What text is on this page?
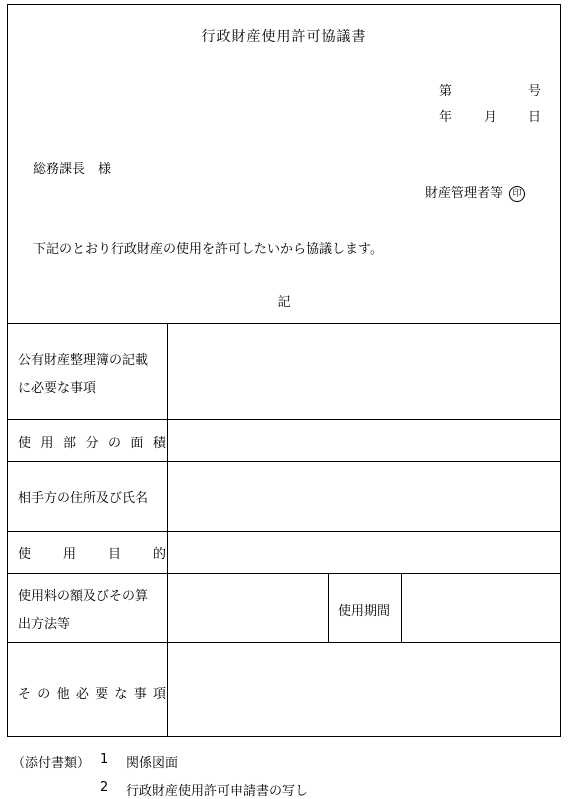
行政財産使用許可協議書
第	号
年 月 日
総務課長　様
財産管理者等 印
下記のとおり行政財産の使用を許可したいから協議します。
記
公有財産整理簿の記載
に必要な事項
使 用 部 分 の 面 積
相手方の住所及び氏名
使 用 目 的
使用料の額及びその算
出方法等
使用期間
そ の 他 必 要 な 事 項
（添付書類） 1 関係図面
2 行政財産使用許可申請書の写し
